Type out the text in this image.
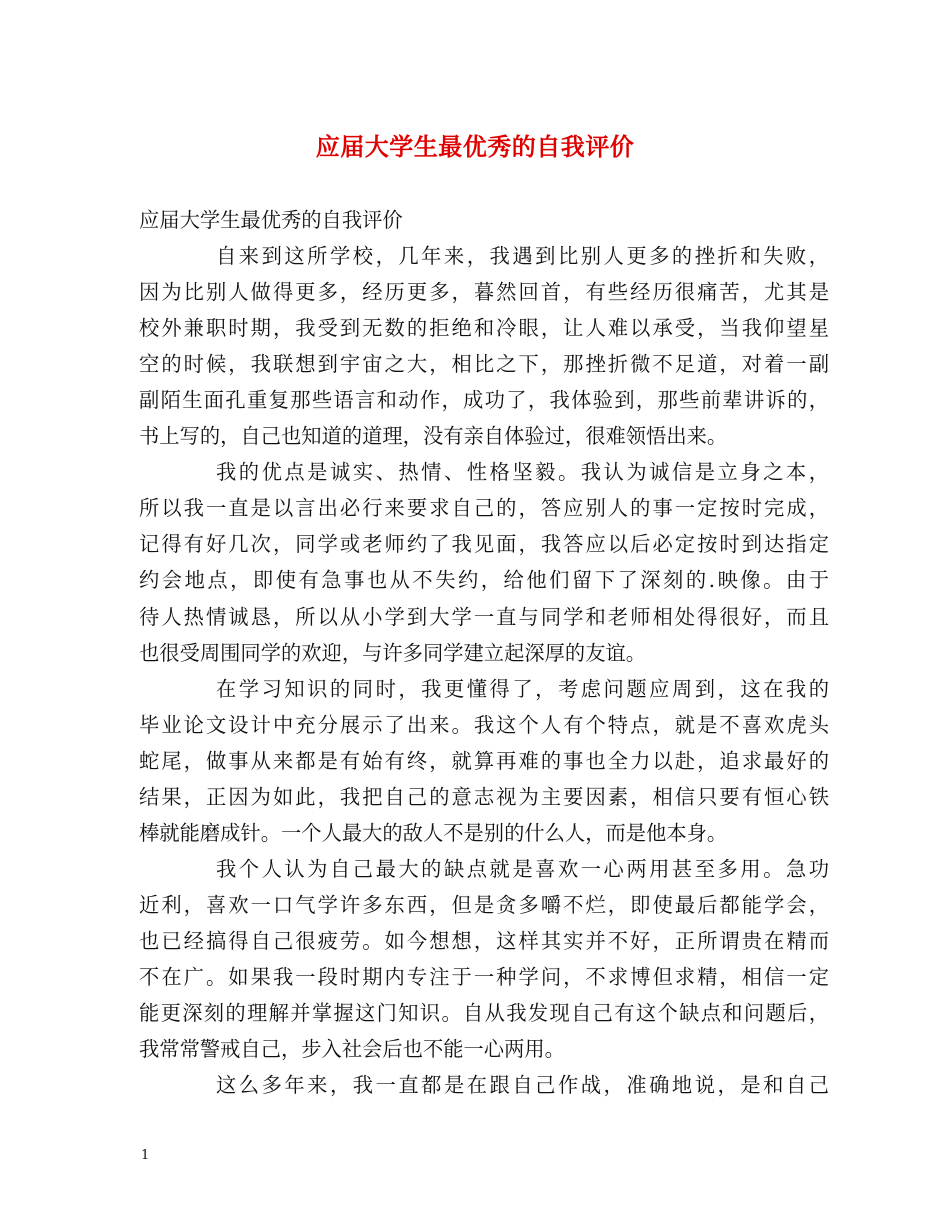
应届大学生最优秀的自我评价
应届大学生最优秀的自我评价
自来到这所学校，几年来，我遇到比别人更多的挫折和失败，
因为比别人做得更多，经历更多，暮然回首，有些经历很痛苦，尤其是
校外兼职时期，我受到无数的拒绝和冷眼，让人难以承受，当我仰望星
空的时候，我联想到宇宙之大，相比之下，那挫折微不足道，对着一副
副陌生面孔重复那些语言和动作，成功了，我体验到，那些前辈讲诉的，
书上写的，自己也知道的道理，没有亲自体验过，很难领悟出来。
我的优点是诚实、热情、性格坚毅。我认为诚信是立身之本，
所以我一直是以言出必行来要求自己的，答应别人的事一定按时完成，
记得有好几次，同学或老师约了我见面，我答应以后必定按时到达指定
约会地点，即使有急事也从不失约，给他们留下了深刻的.映像。由于
待人热情诚恳，所以从小学到大学一直与同学和老师相处得很好，而且
也很受周围同学的欢迎，与许多同学建立起深厚的友谊。
在学习知识的同时，我更懂得了，考虑问题应周到，这在我的
毕业论文设计中充分展示了出来。我这个人有个特点，就是不喜欢虎头
蛇尾，做事从来都是有始有终，就算再难的事也全力以赴，追求最好的
结果，正因为如此，我把自己的意志视为主要因素，相信只要有恒心铁
棒就能磨成针。一个人最大的敌人不是别的什么人，而是他本身。
我个人认为自己最大的缺点就是喜欢一心两用甚至多用。急功
近利，喜欢一口气学许多东西，但是贪多嚼不烂，即使最后都能学会，
也已经搞得自己很疲劳。如今想想，这样其实并不好，正所谓贵在精而
不在广。如果我一段时期内专注于一种学问，不求博但求精，相信一定
能更深刻的理解并掌握这门知识。自从我发现自己有这个缺点和问题后，
我常常警戒自己，步入社会后也不能一心两用。
这么多年来，我一直都是在跟自己作战，准确地说，是和自己
1
